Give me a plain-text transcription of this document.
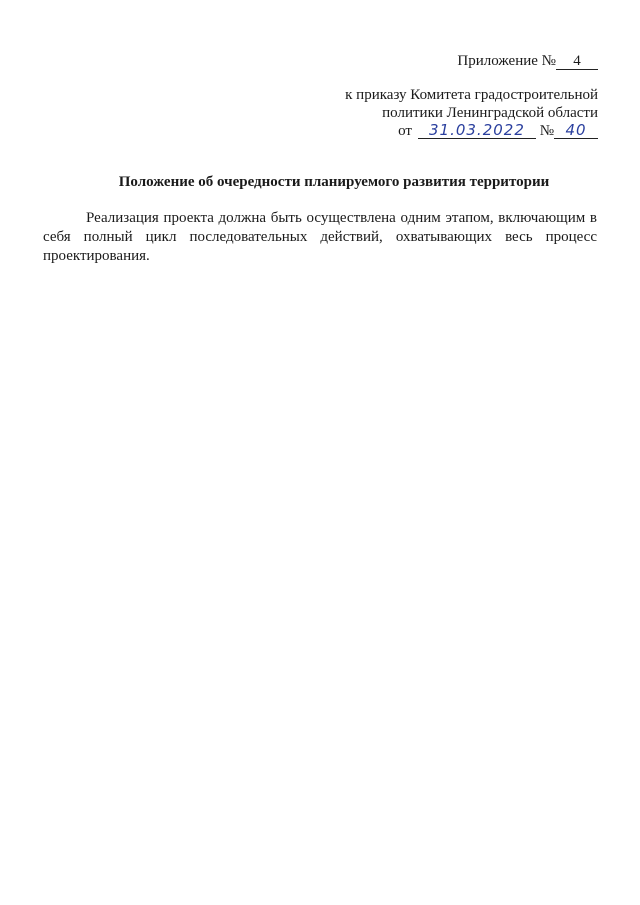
Приложение № 4
к приказу Комитета градостроительной
политики Ленинградской области
от 31.03.2022 № 40
Положение об очередности планируемого развития территории
Реализация проекта должна быть осуществлена одним этапом, включающим в себя полный цикл последовательных действий, охватывающих весь процесс проектирования.
